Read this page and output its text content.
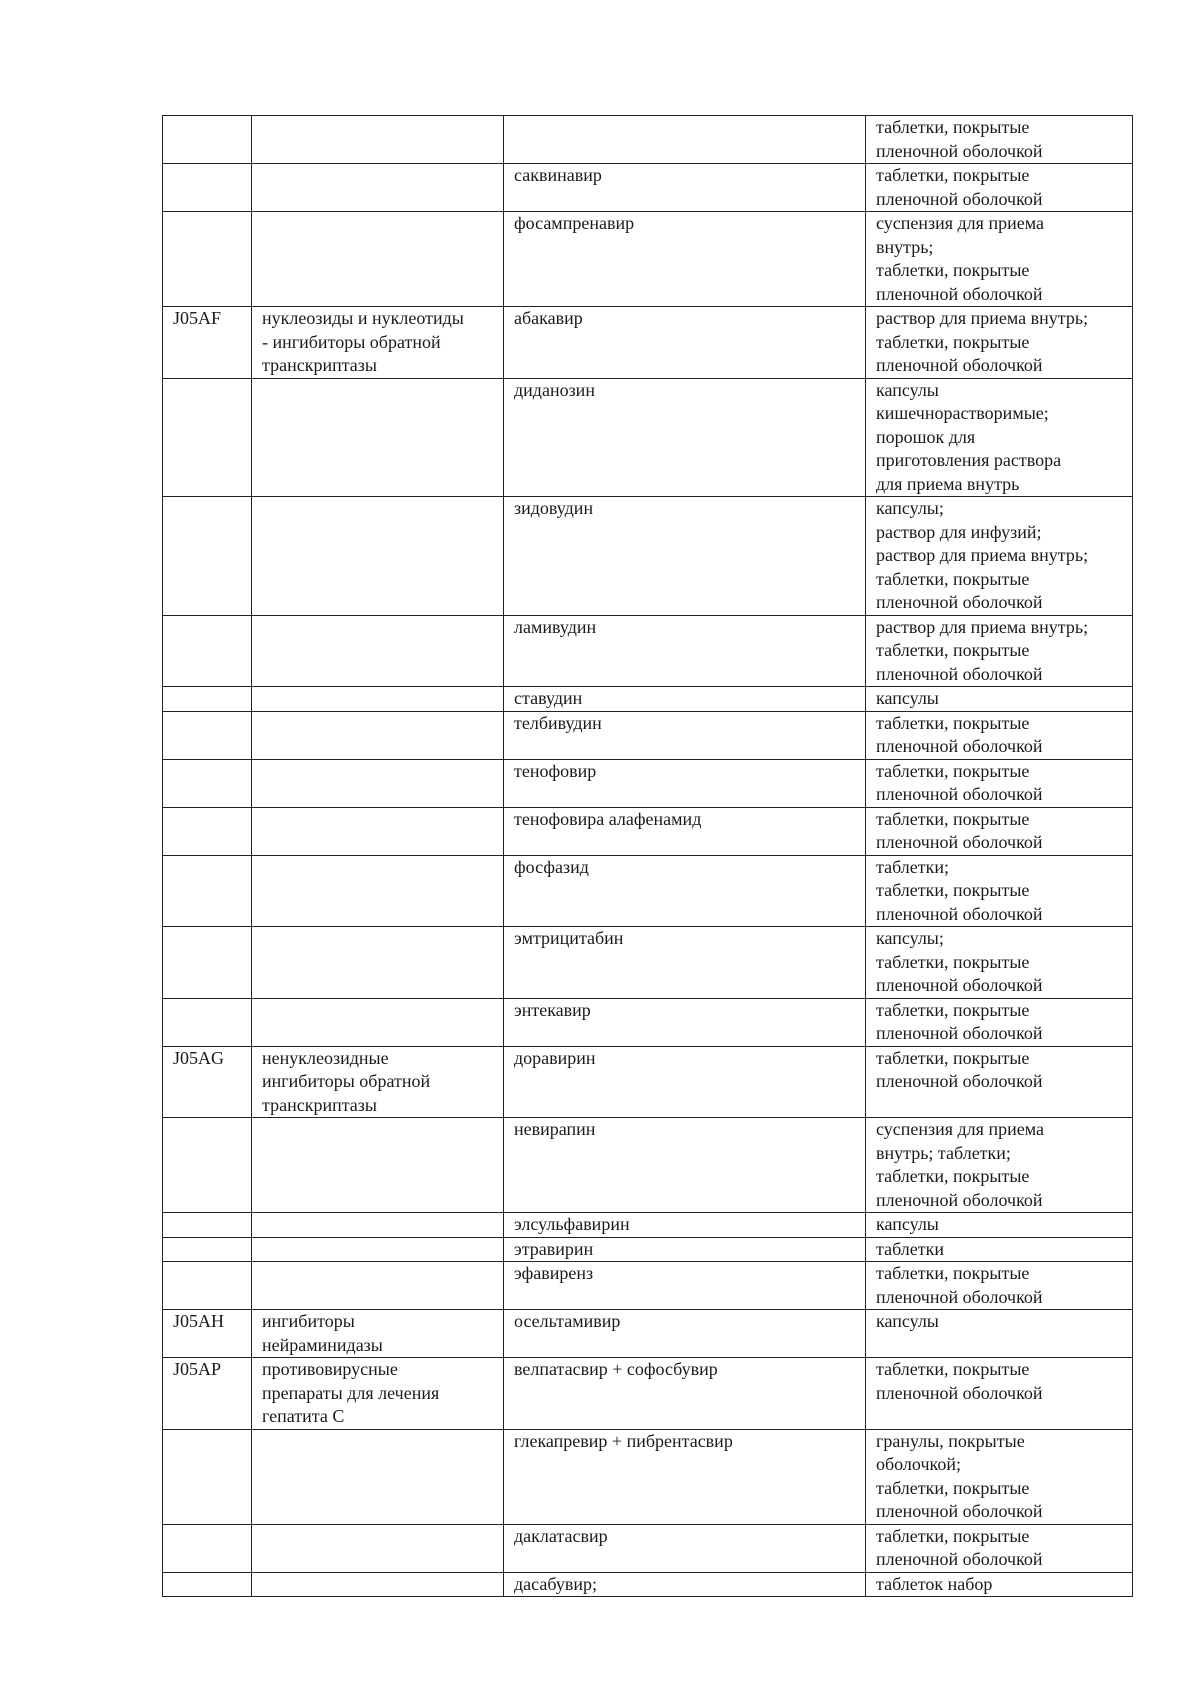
			таблетки, покрытые
пленочной оболочкой
		саквинавир	таблетки, покрытые
пленочной оболочкой
		фосампренавир	суспензия для приема
внутрь;
таблетки, покрытые
пленочной оболочкой
J05AF	нуклеозиды и нуклеотиды
- ингибиторы обратной
транскриптазы	абакавир	раствор для приема внутрь;
таблетки, покрытые
пленочной оболочкой
		диданозин	капсулы
кишечнорастворимые;
порошок для
приготовления раствора
для приема внутрь
		зидовудин	капсулы;
раствор для инфузий;
раствор для приема внутрь;
таблетки, покрытые
пленочной оболочкой
		ламивудин	раствор для приема внутрь;
таблетки, покрытые
пленочной оболочкой
		ставудин	капсулы
		телбивудин	таблетки, покрытые
пленочной оболочкой
		тенофовир	таблетки, покрытые
пленочной оболочкой
		тенофовира алафенамид	таблетки, покрытые
пленочной оболочкой
		фосфазид	таблетки;
таблетки, покрытые
пленочной оболочкой
		эмтрицитабин	капсулы;
таблетки, покрытые
пленочной оболочкой
		энтекавир	таблетки, покрытые
пленочной оболочкой
J05AG	ненуклеозидные
ингибиторы обратной
транскриптазы	доравирин	таблетки, покрытые
пленочной оболочкой
		невирапин	суспензия для приема
внутрь; таблетки;
таблетки, покрытые
пленочной оболочкой
		элсульфавирин	капсулы
		этравирин	таблетки
		эфавиренз	таблетки, покрытые
пленочной оболочкой
J05AH	ингибиторы
нейраминидазы	осельтамивир	капсулы
J05AP	противовирусные
препараты для лечения
гепатита С	велпатасвир + софосбувир	таблетки, покрытые
пленочной оболочкой
		глекапревир + пибрентасвир	гранулы, покрытые
оболочкой;
таблетки, покрытые
пленочной оболочкой
		даклатасвир	таблетки, покрытые
пленочной оболочкой
		дасабувир;	таблеток набор
